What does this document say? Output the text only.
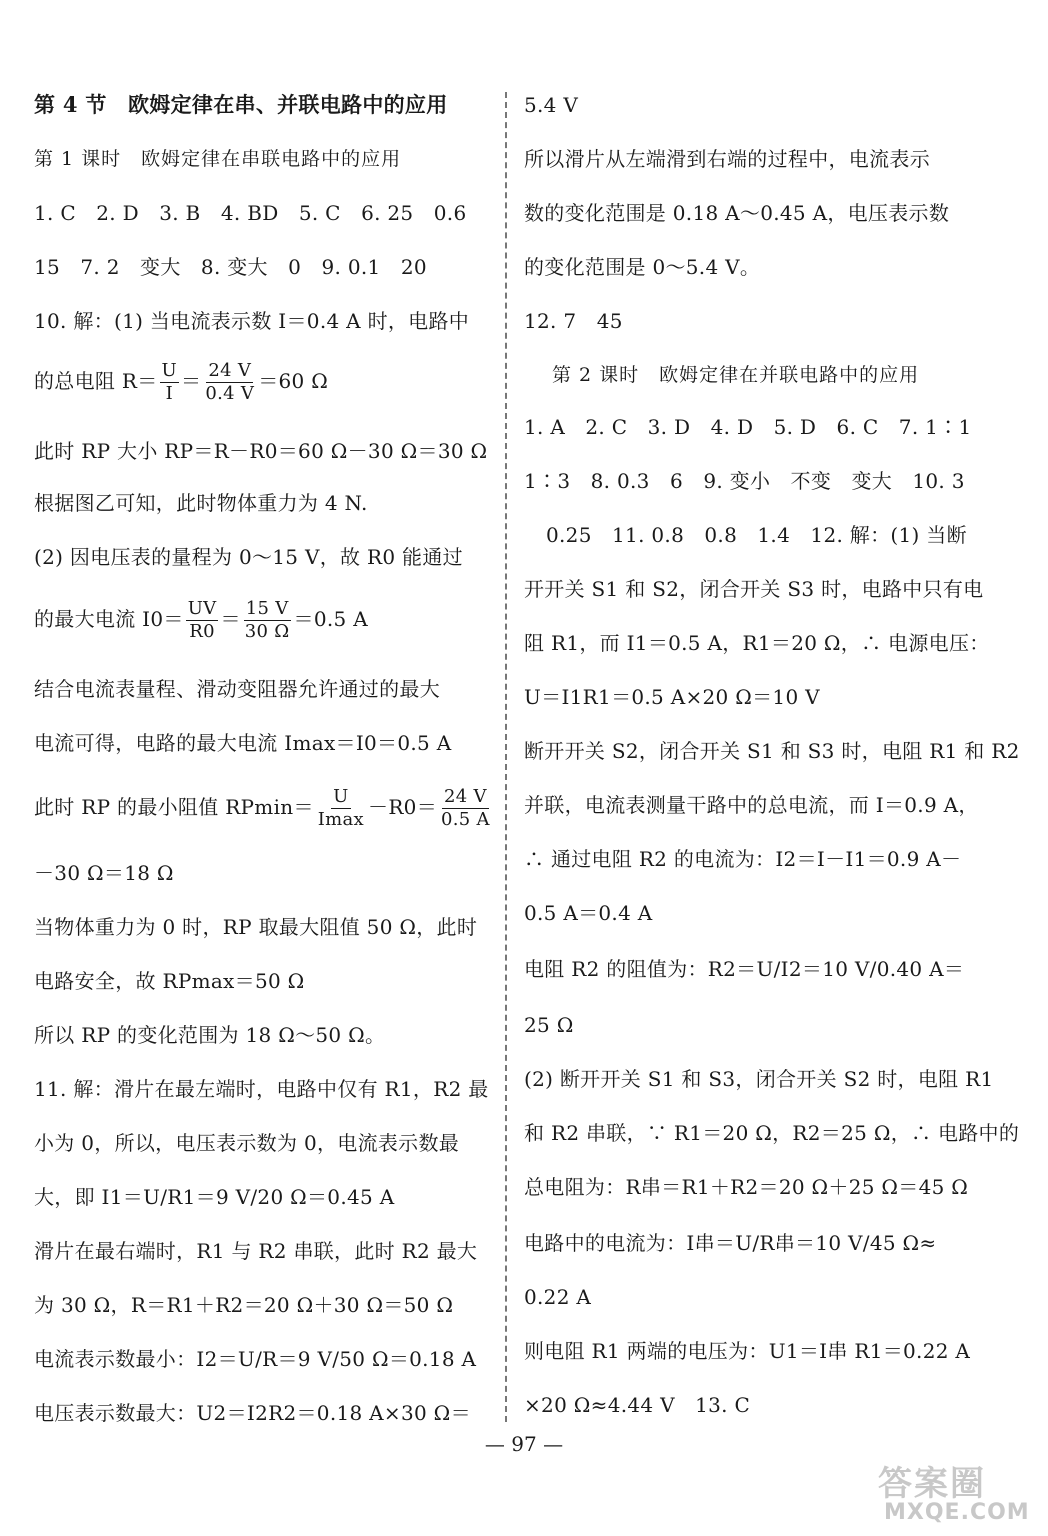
第 4 节　欧姆定律在串、并联电路中的应用
第 1 课时　欧姆定律在串联电路中的应用
1. C　2. D　3. B　4. BD　5. C　6. 25　0.6
15　7. 2　变大　8. 变大　0　9. 0.1　20
10. 解：(1) 当电流表示数 I＝0.4 A 时，电路中
的总电阻 $R= \frac{U}{I} = \frac{24 V}{0.4 V} =60$ Ω
此时 RP 大小 RP＝R－R0＝60 Ω－30 Ω＝30 Ω
根据图乙可知，此时物体重力为 4 N.
(2) 因电压表的量程为 0～15 V，故 R0 能通过
的最大电流 $I0= \frac{UV}{R0} = \frac{15 V}{30 \Omega} =0.5$ A
结合电流表量程、滑动变阻器允许通过的最大
电流可得，电路的最大电流 Imax＝I0＝0.5 A
此时 RP 的最小阻值 $RPmin= \frac{U}{Imax} -R0= \frac{24 V}{0.5 A}$
－30 Ω＝18 Ω
当物体重力为 0 时，RP 取最大阻值 50 Ω，此时
电路安全，故 RPmax＝50 Ω
所以 RP 的变化范围为 18 Ω～50 Ω。
11. 解：滑片在最左端时，电路中仅有 R1，R2 最
小为 0，所以，电压表示数为 0，电流表示数最
大，即 I1＝U/R1＝9 V/20 Ω＝0.45 A
滑片在最右端时，R1 与 R2 串联，此时 R2 最大
为 30 Ω，R＝R1＋R2＝20 Ω＋30 Ω＝50 Ω
电流表示数最小：I2＝U/R＝9 V/50 Ω＝0.18 A
电压表示数最大：U2＝I2R2＝0.18 A×30 Ω＝
5.4 V
所以滑片从左端滑到右端的过程中，电流表示
数的变化范围是 0.18 A～0.45 A，电压表示数
的变化范围是 0～5.4 V。
12. 7　45
第 2 课时　欧姆定律在并联电路中的应用
1. A　2. C　3. D　4. D　5. D　6. C　7. 1∶1
1∶3　8. 0.3　6　9. 变小　不变　变大　10. 3
0.25　11. 0.8　0.8　1.4　12. 解：(1) 当断
开开关 S1 和 S2，闭合开关 S3 时，电路中只有电
阻 R1，而 I1＝0.5 A，R1＝20 Ω，∴ 电源电压：
U＝I1R1＝0.5 A×20 Ω＝10 V
断开开关 S2，闭合开关 S1 和 S3 时，电阻 R1 和 R2
并联，电流表测量干路中的总电流，而 I＝0.9 A，
∴ 通过电阻 R2 的电流为：I2＝I－I1＝0.9 A－
0.5 A＝0.4 A
电阻 R2 的阻值为：R2＝U/I2＝10 V/0.40 A＝
25 Ω
(2) 断开开关 S1 和 S3，闭合开关 S2 时，电阻 R1
和 R2 串联，∵ R1＝20 Ω，R2＝25 Ω，∴ 电路中的
总电阻为：R串＝R1＋R2＝20 Ω＋25 Ω＝45 Ω
电路中的电流为：I串＝U/R串＝10 V/45 Ω≈
0.22 A
则电阻 R1 两端的电压为：U1＝I串 R1＝0.22 A
×20 Ω≈4.44 V　13. C
— 97 —
答案圈
MXQE.COM
